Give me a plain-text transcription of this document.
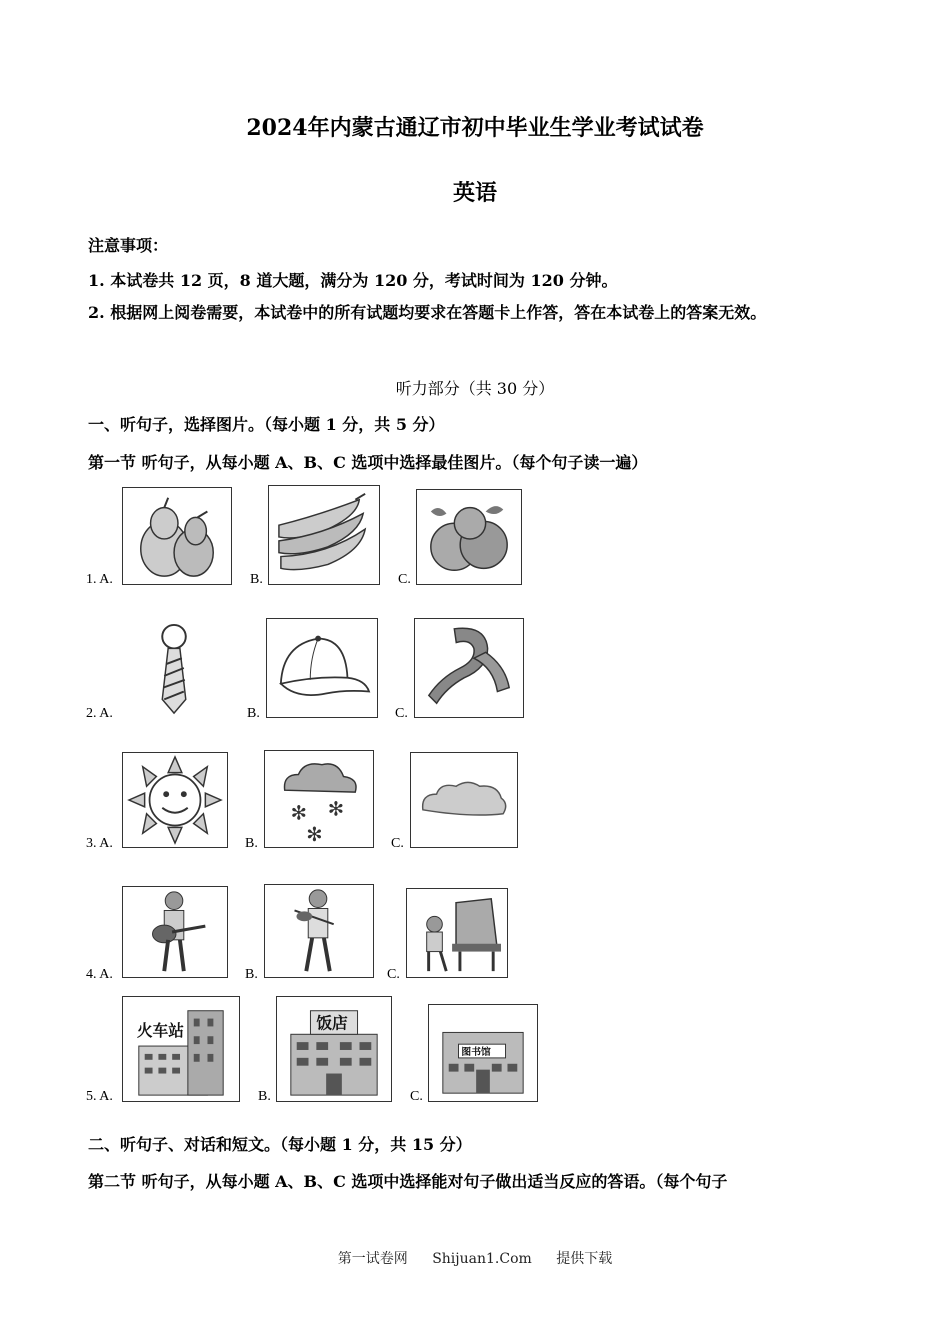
2024年内蒙古通辽市初中毕业生学业考试试卷
英语
注意事项：
1. 本试卷共 12 页，8 道大题，满分为 120 分，考试时间为 120 分钟。
2. 根据网上阅卷需要，本试卷中的所有试题均要求在答题卡上作答，答在本试卷上的答案无效。
听力部分（共 30 分）
一、听句子，选择图片。（每小题 1 分，共 5 分）
第一节 听句子，从每小题 A、B、C 选项中选择最佳图片。（每个句子读一遍）
1. A.	B.	C.
2. A.	B.	C.
3. A.	B.
✻ ✻
✻	C.
4. A.	B.	C.
5. A.
火车站
B.
饭店
C.
图书馆
二、听句子、对话和短文。（每小题 1 分，共 15 分）
第二节 听句子，从每小题 A、B、C 选项中选择能对句子做出适当反应的答语。（每个句子
第一试卷网 Shijuan1.Com 提供下载
